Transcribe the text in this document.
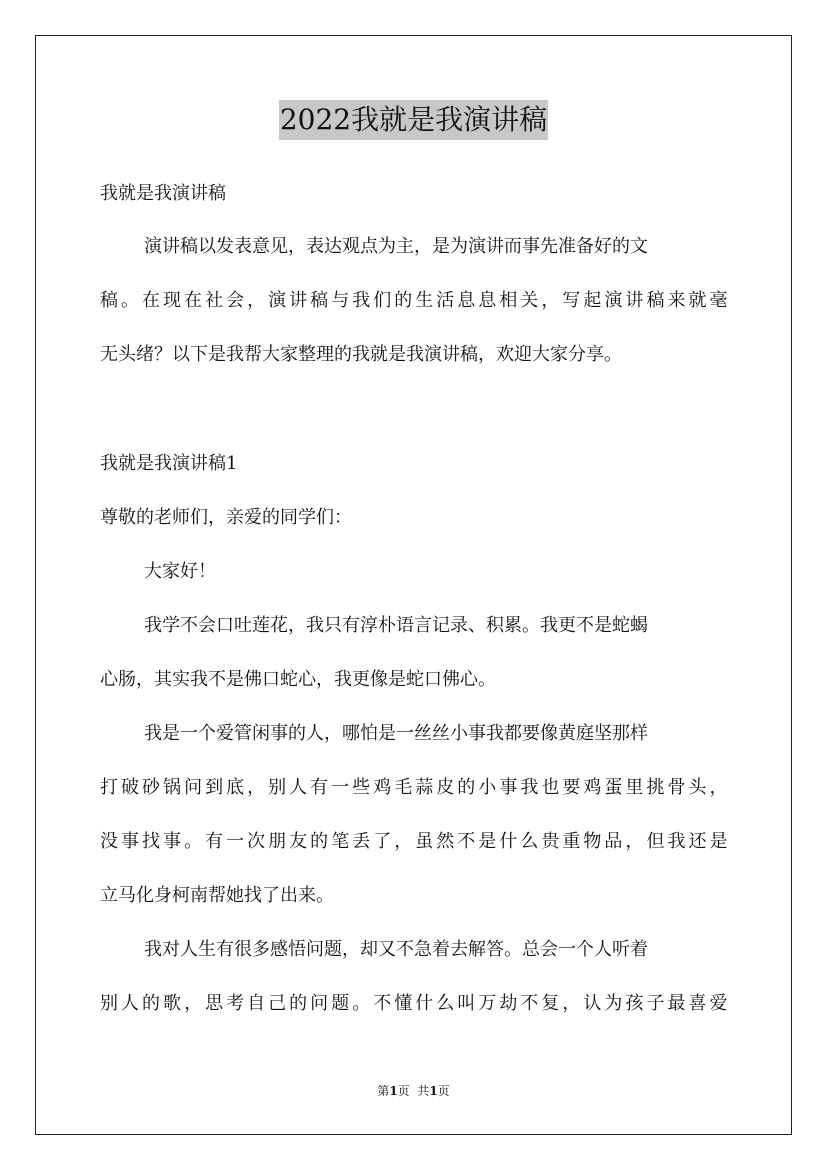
2022我就是我演讲稿
我就是我演讲稿
演讲稿以发表意见，表达观点为主，是为演讲而事先准备好的文
稿。在现在社会，演讲稿与我们的生活息息相关，写起演讲稿来就毫
无头绪？以下是我帮大家整理的我就是我演讲稿，欢迎大家分享。
我就是我演讲稿1
尊敬的老师们，亲爱的同学们：
大家好！
我学不会口吐莲花，我只有淳朴语言记录、积累。我更不是蛇蝎
心肠，其实我不是佛口蛇心，我更像是蛇口佛心。
我是一个爱管闲事的人，哪怕是一丝丝小事我都要像黄庭坚那样
打破砂锅问到底，别人有一些鸡毛蒜皮的小事我也要鸡蛋里挑骨头，
没事找事。有一次朋友的笔丢了，虽然不是什么贵重物品，但我还是
立马化身柯南帮她找了出来。
我对人生有很多感悟问题，却又不急着去解答。总会一个人听着
别人的歌，思考自己的问题。不懂什么叫万劫不复，认为孩子最喜爱
第1页  共1页
